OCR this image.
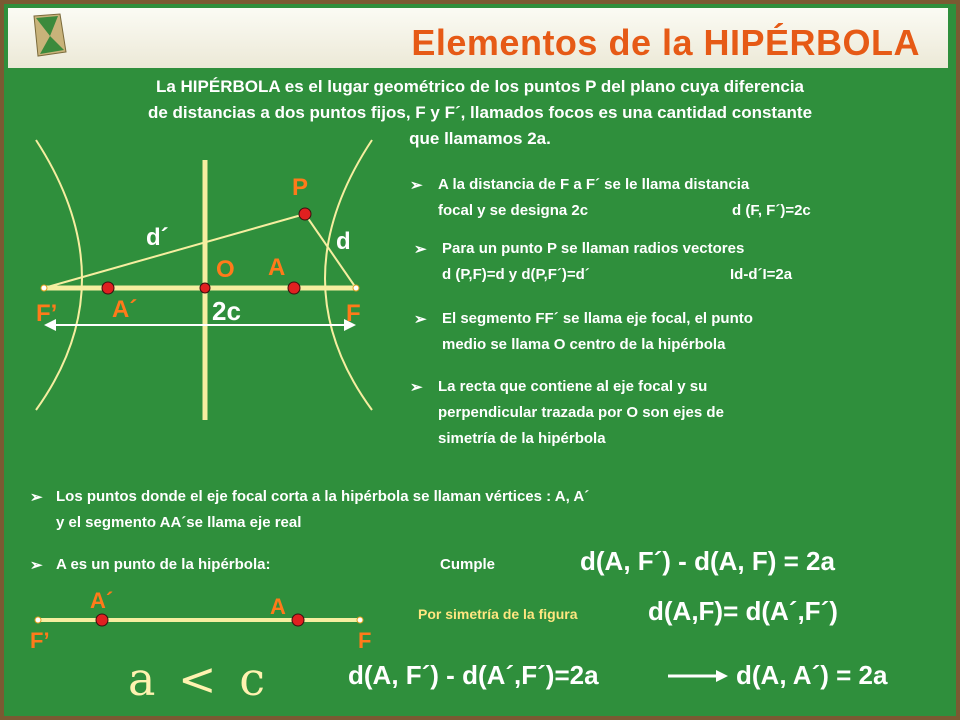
Elementos de la HIPÉRBOLA
La HIPÉRBOLA es el lugar geométrico de los puntos P del plano cuya diferencia
de distancias a dos puntos fijos, F y F´, llamados focos es una cantidad constante
que llamamos 2a.
P
d´	d
O A
F’ A´	2c	F
➢ A la distancia de F a F´ se le llama distancia
focal y se designa 2c	d (F, F´)=2c
➢ Para un punto P se llaman radios vectores
d (P,F)=d y d(P,F´)=d´	Id-d´I=2a
➢ El segmento FF´ se llama eje focal, el punto
medio se llama O centro de la hipérbola
➢ La recta que contiene al eje focal y su
perpendicular trazada por O son ejes de
simetría de la hipérbola
➢ Los puntos donde el eje focal corta a la hipérbola se llaman vértices : A, A´
y el segmento AA´se llama eje real
➢ A es un punto de la hipérbola:	Cumple	d(A, F´) - d(A, F) = 2a
A´	A
F’	F
Por simetría de la figura	d(A,F)= d(A´,F´)
a < c	d(A, F´) - d(A´,F´)=2a	d(A, A´) = 2a
